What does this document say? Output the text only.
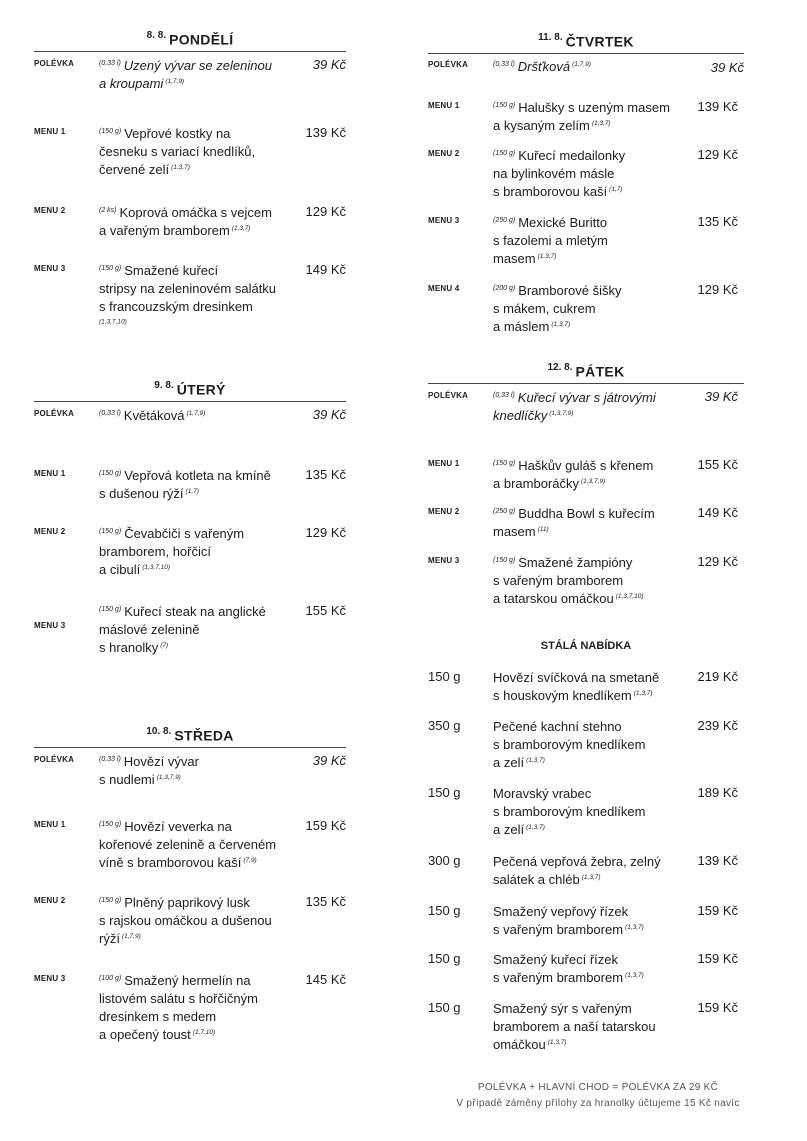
$^{8. 8.}$ PONDĚLÍ
POLÉVKA	$^{(0,33 l)}$ Uzený vývar se zeleninou
a kroupami $^{(1,7,9)}$
39 Kč
MENU 1	$^{(150 g)}$ Vepřové kostky na
česneku s variací knedlíků,
červené zelí $^{(1,3,7)}$
139 Kč
MENU 2	$^{(2 ks)}$ Koprová omáčka s vejcem
a vařeným bramborem $^{(1,3,7)}$
129 Kč
MENU 3	$^{(150 g)}$ Smažené kuřecí
stripsy na zeleninovém salátku
s francouzským dresinkem
$^{(1,3,7,10)}$
149 Kč
$^{9. 8.}$ ÚTERÝ
POLÉVKA	$^{(0,33 l)}$ Květáková $^{(1,7,9)}$	39 Kč
MENU 1	$^{(150 g)}$ Vepřová kotleta na kmíně
s dušenou rýží $^{(1,7)}$
135 Kč
MENU 2	$^{(150 g)}$ Čevabčiči s vařeným
bramborem, hořčicí
a cibulí $^{(1,3,7,10)}$
129 Kč
MENU 3
$^{(150 g)}$ Kuřecí steak na anglické
máslové zelenině
s hranolky $^{(7)}$
155 Kč
$^{10. 8.}$ STŘEDA
POLÉVKA	$^{(0,33 l)}$ Hovězí vývar
s nudlemi $^{(1,3,7,9)}$
39 Kč
MENU 1	$^{(150 g)}$ Hovězí veverka na
kořenové zelenině a červeném
víně s bramborovou kaší $^{(7,9)}$
159 Kč
MENU 2	$^{(150 g)}$ Plněný paprikový lusk
s rajskou omáčkou a dušenou
rýží $^{(1,7,9)}$
135 Kč
MENU 3	$^{(100 g)}$ Smažený hermelín na
listovém salátu s hořčičným
dresinkem s medem
a opečený toust $^{(1,7,10)}$
145 Kč
$^{11. 8.}$ ČTVRTEK
POLÉVKA	$^{(0,33 l)}$ Dršťková $^{(1,7,9)}$	39 Kč
MENU 1	$^{(150 g)}$ Halušky s uzeným masem
a kysaným zelím $^{(1,3,7)}$
139 Kč
MENU 2	$^{(150 g)}$ Kuřecí medailonky
na bylinkovém másle
s bramborovou kaší $^{(1,7)}$
129 Kč
MENU 3	$^{(250 g)}$ Mexické Buritto
s fazolemi a mletým
masem $^{(1,3,7)}$
135 Kč
MENU 4	$^{(200 g)}$ Bramborové šišky
s mákem, cukrem
a máslem $^{(1,3,7)}$
129 Kč
$^{12. 8.}$ PÁTEK
POLÉVKA	$^{(0,33 l)}$ Kuřecí vývar s játrovými
knedlíčky $^{(1,3,7,9)}$
39 Kč
MENU 1	$^{(150 g)}$ Haškův guláš s křenem
a bramboráčky $^{(1,3,7,9)}$
155 Kč
MENU 2	$^{(250 g)}$ Buddha Bowl s kuřecím
masem $^{(11)}$
149 Kč
MENU 3	$^{(150 g)}$ Smažené žampióny
s vařeným bramborem
a tatarskou omáčkou $^{(1,3,7,10)}$
129 Kč
STÁLÁ NABÍDKA
150 g Hovězí svíčková na smetaně
s houskovým knedlíkem $^{(1,3,7)}$
219 Kč
350 g Pečené kachní stehno
s bramborovým knedlíkem
a zelí $^{(1,3,7)}$
239 Kč
150 g Moravský vrabec
s bramborovým knedlíkem
a zelí $^{(1,3,7)}$
189 Kč
300 g Pečená vepřová žebra, zelný
salátek a chléb $^{(1,3,7)}$
139 Kč
150 g Smažený vepřový řízek
s vařeným bramborem $^{(1,3,7)}$
159 Kč
150 g Smažený kuřecí řízek
s vařeným bramborem $^{(1,3,7)}$
159 Kč
150 g Smažený sýr s vařeným
bramborem a naší tatarskou
omáčkou $^{(1,3,7)}$
159 Kč
POLÉVKA + HLAVNÍ CHOD = POLÉVKA ZA 29 KČ
V případě záměny přílohy za hranolky účtujeme 15 Kč navíc
